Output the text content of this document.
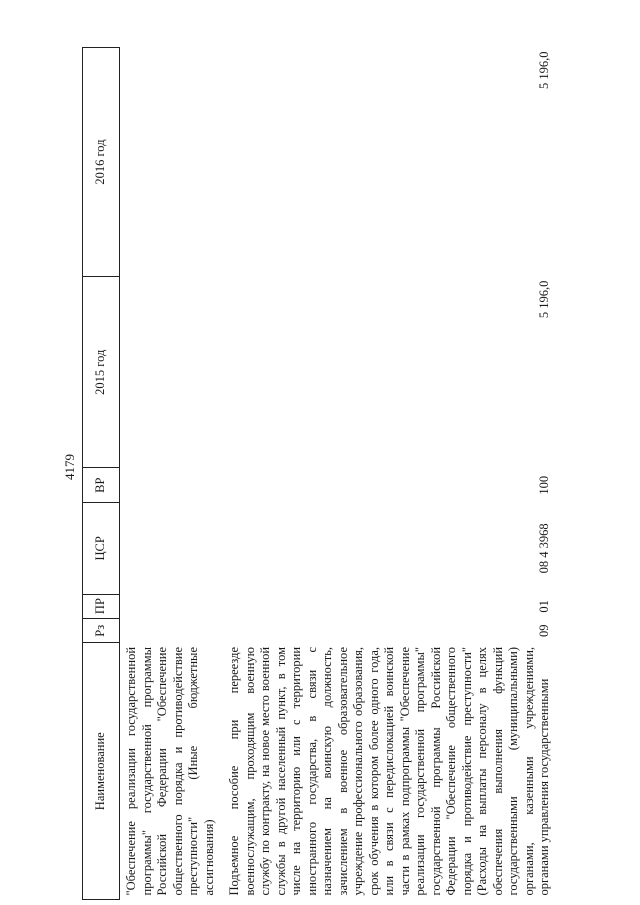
4179
Наименование	Рз	ПР	ЦСР	ВР	2015 год	2016 год
"Обеспечение реализации государственной программы" государственной программы Российской Федерации "Обеспечение общественного порядка и противодействие преступности" (Иные бюджетные ассигнования)						
Подъемное пособие при переезде военнослужащим, проходящим военную службу по контракту, на новое место военной службы в другой населенный пункт, в том числе на территорию или с территории иностранного государства, в связи с назначением на воинскую должность, зачислением в военное образовательное учреждение профессионального образования, срок обучения в котором более одного года, или в связи с передислокацией воинской части в рамках подпрограммы "Обеспечение реализации государственной программы" государственной программы Российской Федерации "Обеспечение общественного порядка и противодействие преступности" (Расходы на выплаты персоналу в целях обеспечения выполнения функций государственными (муниципальными) органами, казенными учреждениями, органами управления государственными	09	01	08 4 3968	100	5 196,0	5 196,0
